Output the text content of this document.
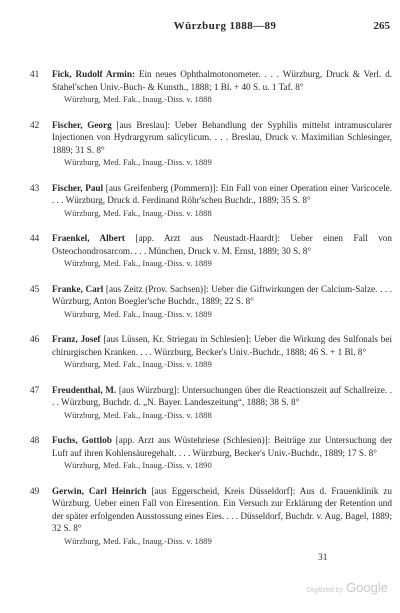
Würzburg 1888—89	265
41	Fick, Rudolf Armin: Ein neues Ophthalmotonometer. . . . Würzburg, Druck & Verl. d. Stahel'schen Univ.-Buch- & Kunsth., 1888; 1 Bl. + 40 S. u. 1 Taf. 8°
Würzburg, Med. Fak., Inaug.-Diss. v. 1888
42	Fischer, Georg [aus Breslau]: Ueber Behandlung der Syphilis mittelst intramuscularer Injectionen von Hydrargyrum salicylicum. . . . Breslau, Druck v. Maximilian Schlesinger, 1889; 31 S. 8°
Würzburg, Med. Fak., Inaug.-Diss. v. 1889
43	Fischer, Paul [aus Greifenberg (Pommern)]: Ein Fall von einer Operation einer Varicocele. . . . Würzburg, Druck d. Ferdinand Röhr'schen Buchdr., 1889; 35 S. 8°
Würzburg, Med. Fak., Inaug.-Diss. v. 1888
44	Fraenkel, Albert [app. Arzt aus Neustadt-Haardt]: Ueber einen Fall von Osteochondrosarcom. . . . München, Druck v. M. Ernst, 1889; 30 S. 8°
Würzburg, Med. Fak., Inaug.-Diss. v. 1889
45	Franke, Carl [aus Zeitz (Prov. Sachsen)]: Ueber die Giftwirkungen der Calcium-Salze. . . . Würzburg, Anton Boegler'sche Buchdr., 1889; 22 S. 8°
Würzburg, Med. Fak., Inaug.-Diss. v. 1889
46	Franz, Josef [aus Lüssen, Kr. Striegau in Schlesien]: Ueber die Wirkung des Sulfonals bei chirurgischen Kranken. . . . Würzburg, Becker's Univ.-Buchdr., 1888; 46 S. + 1 Bl. 8°
Würzburg, Med. Fak., Inaug.-Diss. v. 1889
47	Freudenthal, M. [aus Würzburg]: Untersuchungen über die Reactionszeit auf Schallreize. . . . Würzburg, Buchdr. d. „N. Bayer. Landeszeitung“, 1888; 38 S. 8°
Würzburg, Med. Fak., Inaug.-Diss. v. 1888
48	Fuchs, Gottlob [app. Arzt aus Wüstehriese (Schlesien)]: Beiträge zur Untersuchung der Luft auf ihren Kohlensäuregehalt. . . . Würzburg, Becker's Univ.-Buchdr., 1889; 17 S. 8°
Würzburg, Med. Fak., Inaug.-Diss. v. 1890
49	Gerwin, Carl Heinrich [aus Eggerscheid, Kreis Düsseldorf]: Aus d. Frauenklinik zu Würzburg. Ueber einen Fall von Eiresention. Ein Versuch zur Erklärung der Retention und der später erfolgenden Ausstossung eines Eies. . . . Düsseldorf, Buchdr. v. Aug. Bagel, 1889; 32 S. 8°
Würzburg, Med. Fak., Inaug.-Diss. v. 1889
31
Digitized by Google
